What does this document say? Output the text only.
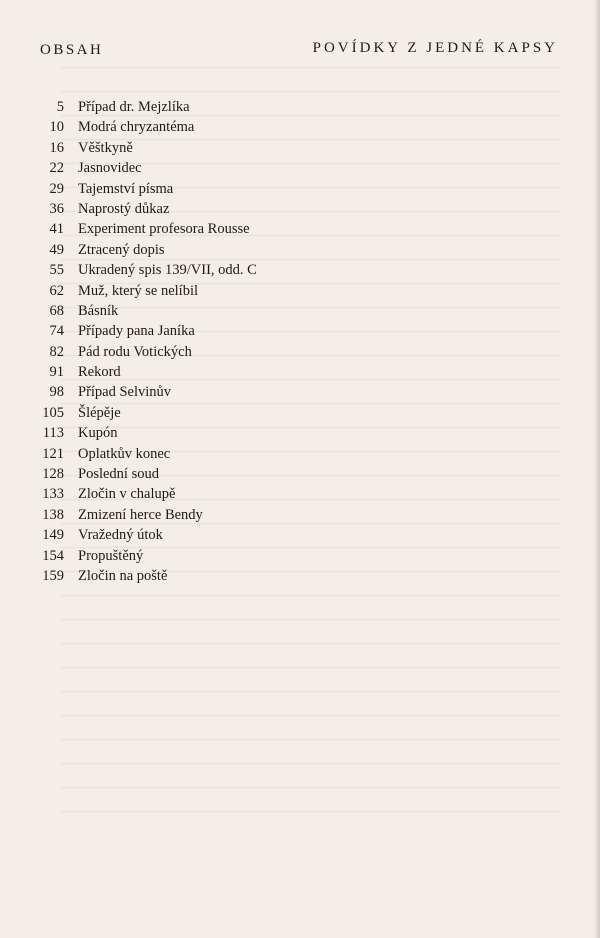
OBSAH	POVÍDKY Z JEDNÉ KAPSY
5 Případ dr. Mejzlíka
10 Modrá chryzantéma
16 Věštkyně
22 Jasnovidec
29 Tajemství písma
36 Naprostý důkaz
41 Experiment profesora Rousse
49 Ztracený dopis
55 Ukradený spis 139/VII, odd. C
62 Muž, který se nelíbil
68 Básník
74 Případy pana Janíka
82 Pád rodu Votických
91 Rekord
98 Případ Selvinův
105 Šlépěje
113 Kupón
121 Oplatkův konec
128 Poslední soud
133 Zločin v chalupě
138 Zmizení herce Bendy
149 Vražedný útok
154 Propuštěný
159 Zločin na poště
